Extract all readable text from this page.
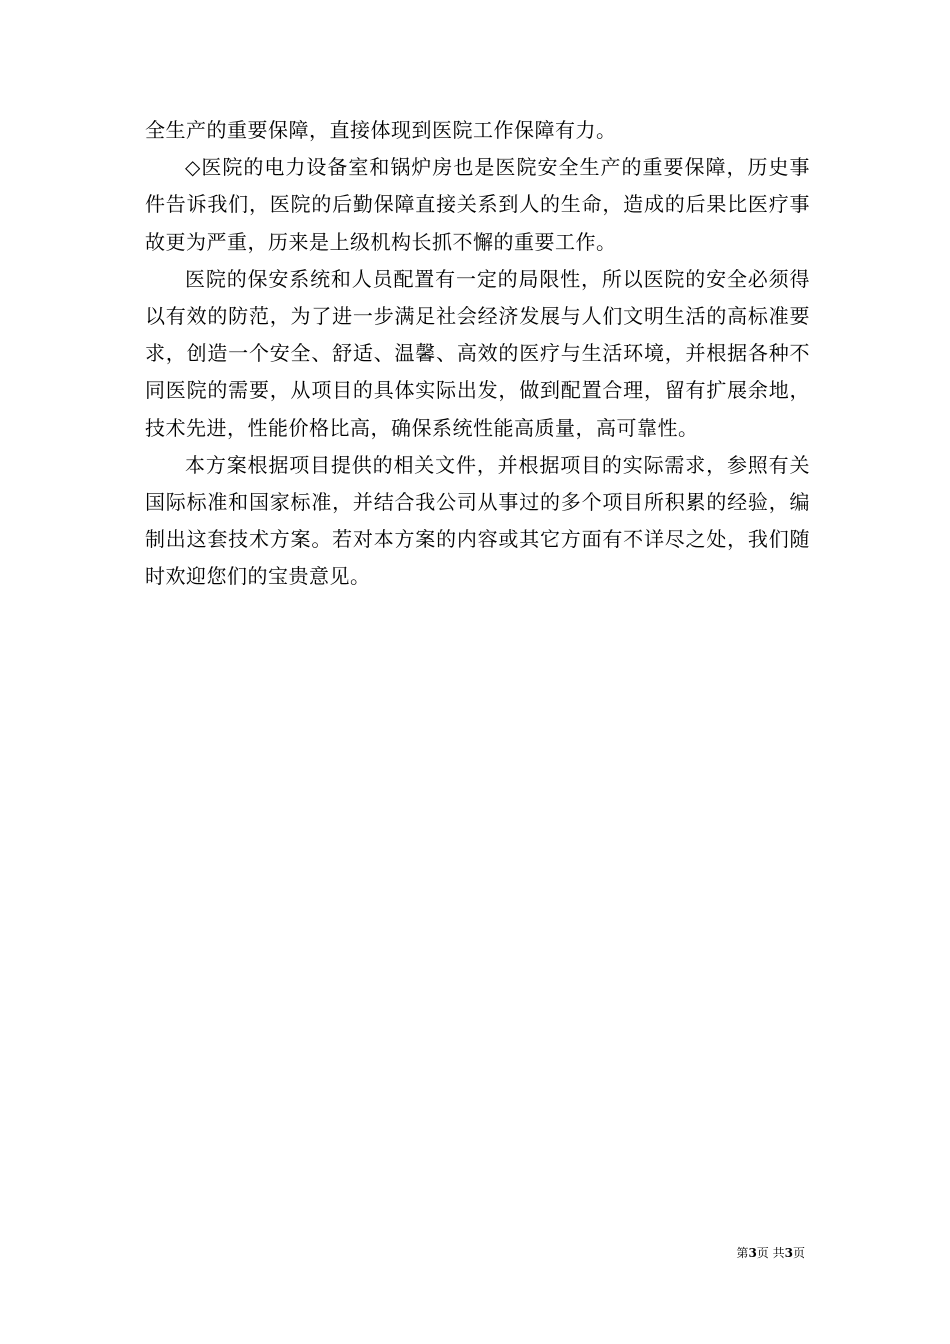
全生产的重要保障，直接体现到医院工作保障有力。

◇医院的电力设备室和锅炉房也是医院安全生产的重要保障，历史事件告诉我们，医院的后勤保障直接关系到人的生命，造成的后果比医疗事故更为严重，历来是上级机构长抓不懈的重要工作。

医院的保安系统和人员配置有一定的局限性，所以医院的安全必须得以有效的防范，为了进一步满足社会经济发展与人们文明生活的高标准要求，创造一个安全、舒适、温馨、高效的医疗与生活环境，并根据各种不同医院的需要，从项目的具体实际出发，做到配置合理，留有扩展余地，技术先进，性能价格比高，确保系统性能高质量，高可靠性。

本方案根据项目提供的相关文件，并根据项目的实际需求，参照有关国际标准和国家标准，并结合我公司从事过的多个项目所积累的经验，编制出这套技术方案。若对本方案的内容或其它方面有不详尽之处，我们随时欢迎您们的宝贵意见。

第3页 共3页
